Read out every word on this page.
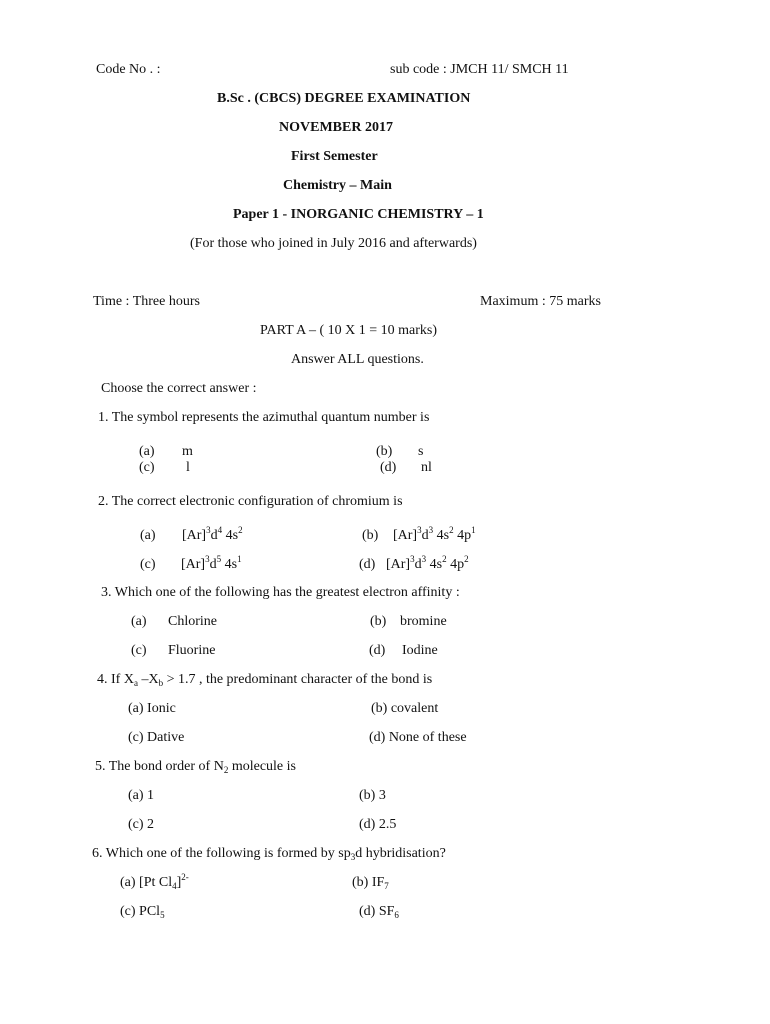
Code No . :	sub code : JMCH 11/ SMCH 11
B.Sc . (CBCS) DEGREE EXAMINATION
NOVEMBER 2017
First Semester
Chemistry – Main
Paper 1 - INORGANIC CHEMISTRY – 1
(For those who joined in July 2016 and afterwards)
Time : Three hours	Maximum : 75 marks
PART A – ( 10 X 1 = 10 marks)
Answer ALL questions.
Choose the correct answer :
1. The symbol represents the azimuthal quantum number is
(a) m	(b) s
(c) l	(d) nl
2. The correct electronic configuration of chromium is
(a) $[Ar]^3d^4$ $4s^2$	(b) $[Ar]^3d^3$ $4s^2$ $4p^1$
(c) $[Ar]^3d^5$ $4s^1$	(d) $[Ar]^3d^3$ $4s^2$ $4p^2$
3. Which one of the following has the greatest electron affinity :
(a) Chlorine	(b) bromine
(c) Fluorine	(d) Iodine
4. If $X_a$ $-X_b > 1.7$ , the predominant character of the bond is
(a) Ionic	(b) covalent
(c) Dative	(d) None of these
5. The bond order of $N_2$ molecule is
(a) 1	(b) 3
(c) 2	(d) 2.5
6. Which one of the following is formed by $sp_3d$ hybridisation?
(a) [Pt $Cl_4]^{2-}$	(b) $IF_7$
(c) PCl$_5$	(d) $SF_6$
